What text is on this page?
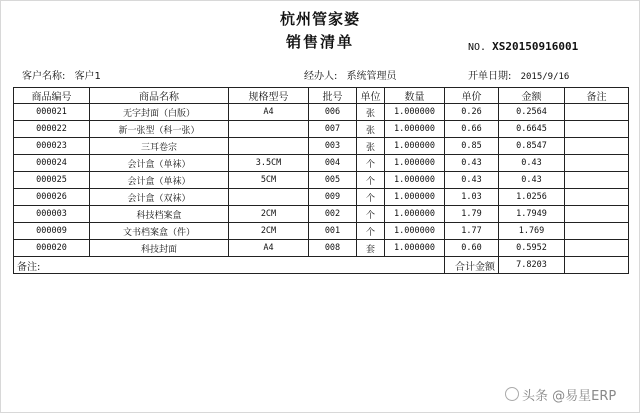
杭州管家婆
销售清单	NO. XS20150916001
客户名称: 客户1	经办人: 系统管理员	开单日期: 2015/9/16
商品编号	商品名称	规格型号	批号	单位	数量	单价	金额	备注
000021	无字封面（白版）	A4	006	张	1.000000	0.26	0.2564	
000022	新一张型（科一张）		007	张	1.000000	0.66	0.6645	
000023	三耳卷宗		003	张	1.000000	0.85	0.8547	
000024	会计盒（单袜）	3.5CM	004	个	1.000000	0.43	0.43	
000025	会计盒（单袜）	5CM	005	个	1.000000	0.43	0.43	
000026	会计盒（双袜）		009	个	1.000000	1.03	1.0256	
000003	科技档案盒	2CM	002	个	1.000000	1.79	1.7949	
000009	文书档案盒（件）	2CM	001	个	1.000000	1.77	1.769	
000020	科技封面	A4	008	套	1.000000	0.60	0.5952	
备注:						合计金额	7.8203	
头条 @易星ERP
